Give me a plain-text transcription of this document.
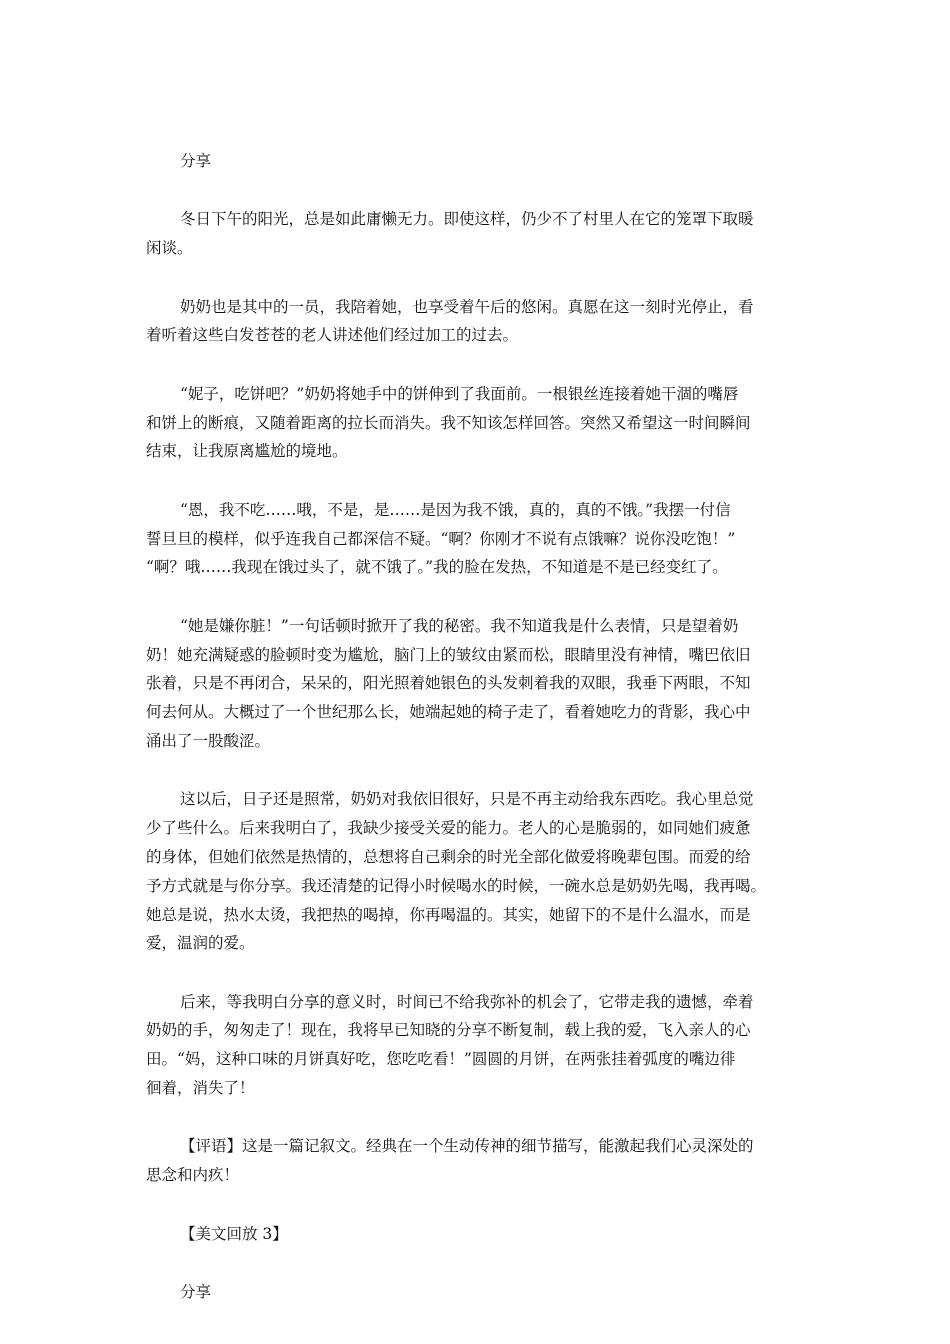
分享

冬日下午的阳光，总是如此庸懒无力。即使这样，仍少不了村里人在它的笼罩下取暖
闲谈。

奶奶也是其中的一员，我陪着她，也享受着午后的悠闲。真愿在这一刻时光停止，看
着听着这些白发苍苍的老人讲述他们经过加工的过去。

“妮子，吃饼吧？”奶奶将她手中的饼伸到了我面前。一根银丝连接着她干涸的嘴唇
和饼上的断痕，又随着距离的拉长而消失。我不知该怎样回答。突然又希望这一时间瞬间
结束，让我原离尴尬的境地。

“恩，我不吃……哦，不是，是……是因为我不饿，真的，真的不饿。”我摆一付信
誓旦旦的模样，似乎连我自己都深信不疑。“啊？你刚才不说有点饿嘛？说你没吃饱！”
“啊？哦……我现在饿过头了，就不饿了。”我的脸在发热，不知道是不是已经变红了。

“她是嫌你脏！”一句话顿时掀开了我的秘密。我不知道我是什么表情，只是望着奶
奶！她充满疑惑的脸顿时变为尴尬，脑门上的皱纹由紧而松，眼睛里没有神情，嘴巴依旧
张着，只是不再闭合，呆呆的，阳光照着她银色的头发刺着我的双眼，我垂下两眼，不知
何去何从。大概过了一个世纪那么长，她端起她的椅子走了，看着她吃力的背影，我心中
涌出了一股酸涩。

这以后，日子还是照常，奶奶对我依旧很好，只是不再主动给我东西吃。我心里总觉
少了些什么。后来我明白了，我缺少接受关爱的能力。老人的心是脆弱的，如同她们疲惫
的身体，但她们依然是热情的，总想将自己剩余的时光全部化做爱将晚辈包围。而爱的给
予方式就是与你分享。我还清楚的记得小时候喝水的时候，一碗水总是奶奶先喝，我再喝。
她总是说，热水太烫，我把热的喝掉，你再喝温的。其实，她留下的不是什么温水，而是
爱，温润的爱。

后来，等我明白分享的意义时，时间已不给我弥补的机会了，它带走我的遗憾，牵着
奶奶的手，匆匆走了！现在，我将早已知晓的分享不断复制，载上我的爱，飞入亲人的心
田。“妈，这种口味的月饼真好吃，您吃吃看！”圆圆的月饼，在两张挂着弧度的嘴边徘
徊着，消失了！

【评语】这是一篇记叙文。经典在一个生动传神的细节描写，能激起我们心灵深处的
思念和内疚！

【美文回放 3】

分享
